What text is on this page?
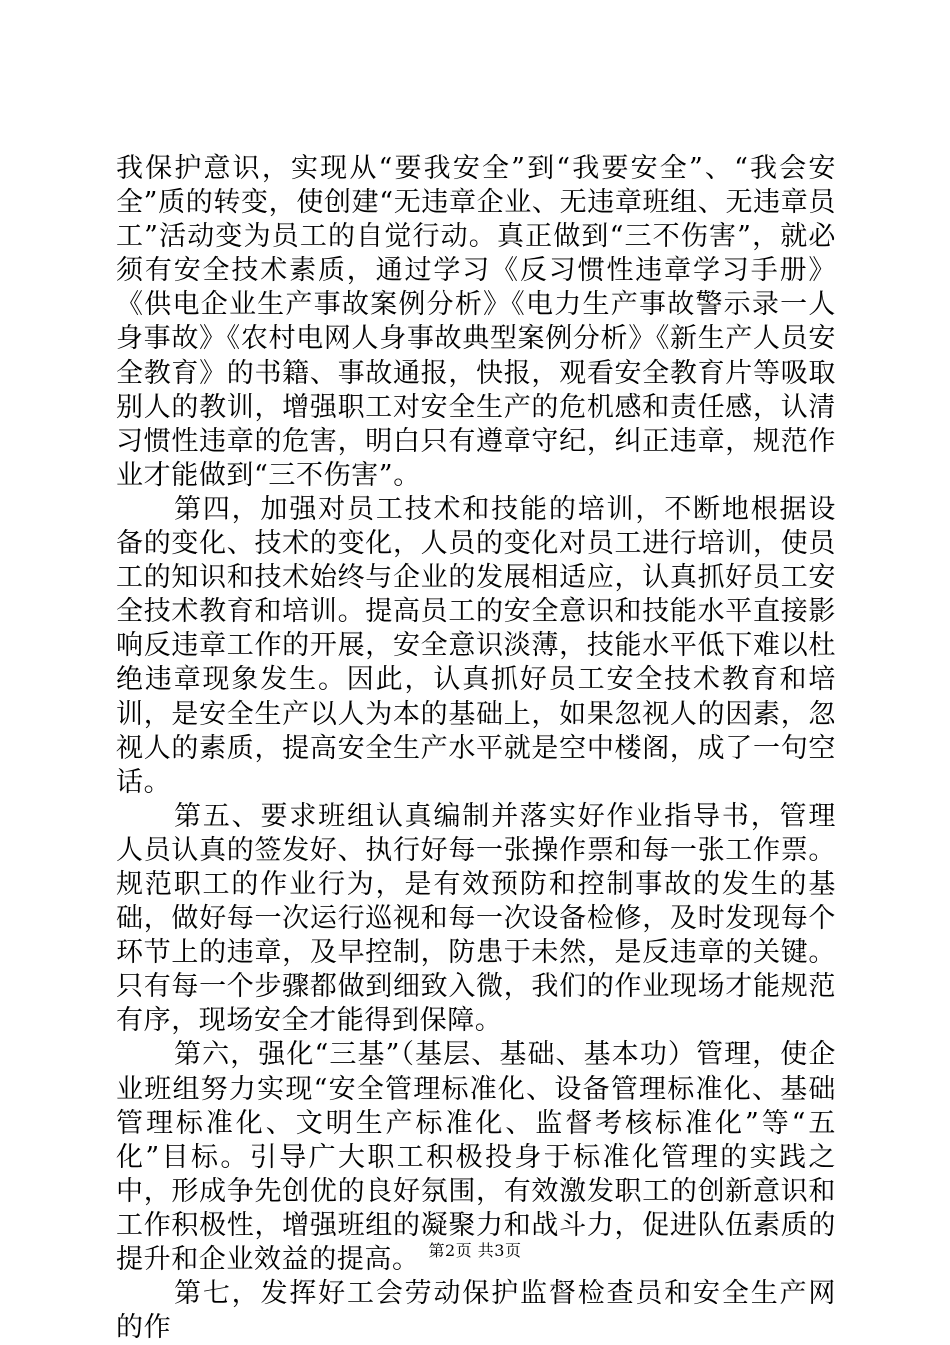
我保护意识，实现从“要我安全”到“我要安全”、“我会安全”质的转变，使创建“无违章企业、无违章班组、无违章员工”活动变为员工的自觉行动。真正做到“三不伤害”，就必须有安全技术素质，通过学习《反习惯性违章学习手册》《供电企业生产事故案例分析》《电力生产事故警示录一人身事故》《农村电网人身事故典型案例分析》《新生产人员安全教育》的书籍、事故通报，快报，观看安全教育片等吸取别人的教训，增强职工对安全生产的危机感和责任感，认清习惯性违章的危害，明白只有遵章守纪，纠正违章，规范作业才能做到“三不伤害”。

第四，加强对员工技术和技能的培训，不断地根据设备的变化、技术的变化，人员的变化对员工进行培训，使员工的知识和技术始终与企业的发展相适应，认真抓好员工安全技术教育和培训。提高员工的安全意识和技能水平直接影响反违章工作的开展，安全意识淡薄，技能水平低下难以杜绝违章现象发生。因此，认真抓好员工安全技术教育和培训，是安全生产以人为本的基础上，如果忽视人的因素，忽视人的素质，提高安全生产水平就是空中楼阁，成了一句空话。

第五、要求班组认真编制并落实好作业指导书，管理人员认真的签发好、执行好每一张操作票和每一张工作票。规范职工的作业行为，是有效预防和控制事故的发生的基础，做好每一次运行巡视和每一次设备检修，及时发现每个环节上的违章，及早控制，防患于未然，是反违章的关键。只有每一个步骤都做到细致入微，我们的作业现场才能规范有序，现场安全才能得到保障。

第六，强化“三基”（基层、基础、基本功）管理，使企业班组努力实现“安全管理标准化、设备管理标准化、基础管理标准化、文明生产标准化、监督考核标准化”等“五化”目标。引导广大职工积极投身于标准化管理的实践之中，形成争先创优的良好氛围，有效激发职工的创新意识和工作积极性，增强班组的凝聚力和战斗力，促进队伍素质的提升和企业效益的提高。

第七，发挥好工会劳动保护监督检查员和安全生产网的作

第2页 共3页
